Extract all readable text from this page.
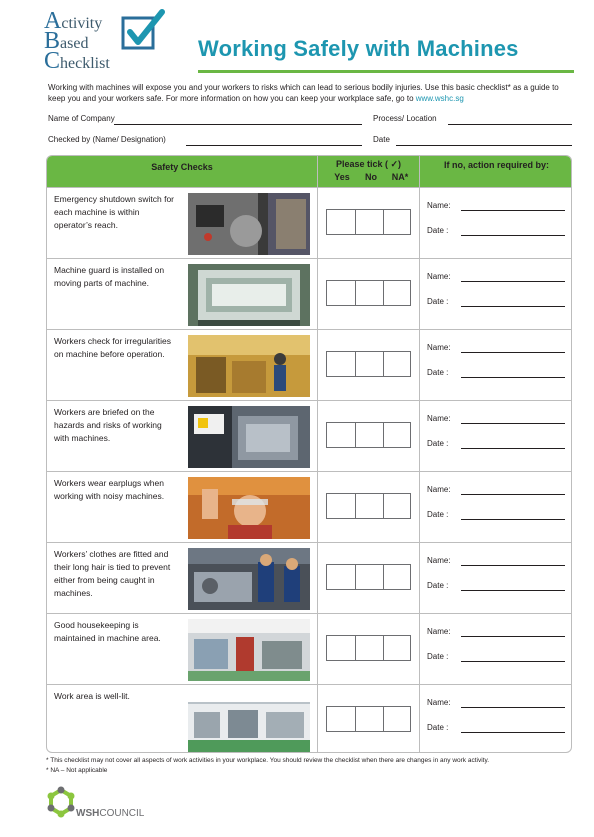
Activity
Based
Checklist
Working Safely with Machines
Working with machines will expose you and your workers to risks which can lead to serious bodily injuries. Use this basic checklist* as a guide to keep you and your workers safe. For more information on how you can keep your workplace safe, go to www.wshc.sg
Name of Company	Process/ Location
Checked by (Name/ Designation)	Date
Safety Checks	Please tick ( ✓)
Yes	No	NA*
If no, action required by:
Emergency shutdown switch for each machine is within operator’s reach.
Name:
Date :
Machine guard is installed on moving parts of machine.
Name:
Date :
Workers check for irregularities on machine before operation.
Name:
Date :
Workers are briefed on the hazards and risks of working with machines.
Name:
Date :
Workers wear earplugs when working with noisy machines.
Name:
Date :
Workers’ clothes are fitted and their long hair is tied to prevent either from being caught in machines.
Name:
Date :
Good housekeeping is maintained in machine area.
Name:
Date :
Work area is well-lit.
Name:
Date :
* This checklist may not cover all aspects of work activities in your workplace. You should review the checklist when there are changes in any work activity.
* NA – Not applicable
WSHCOUNCIL
